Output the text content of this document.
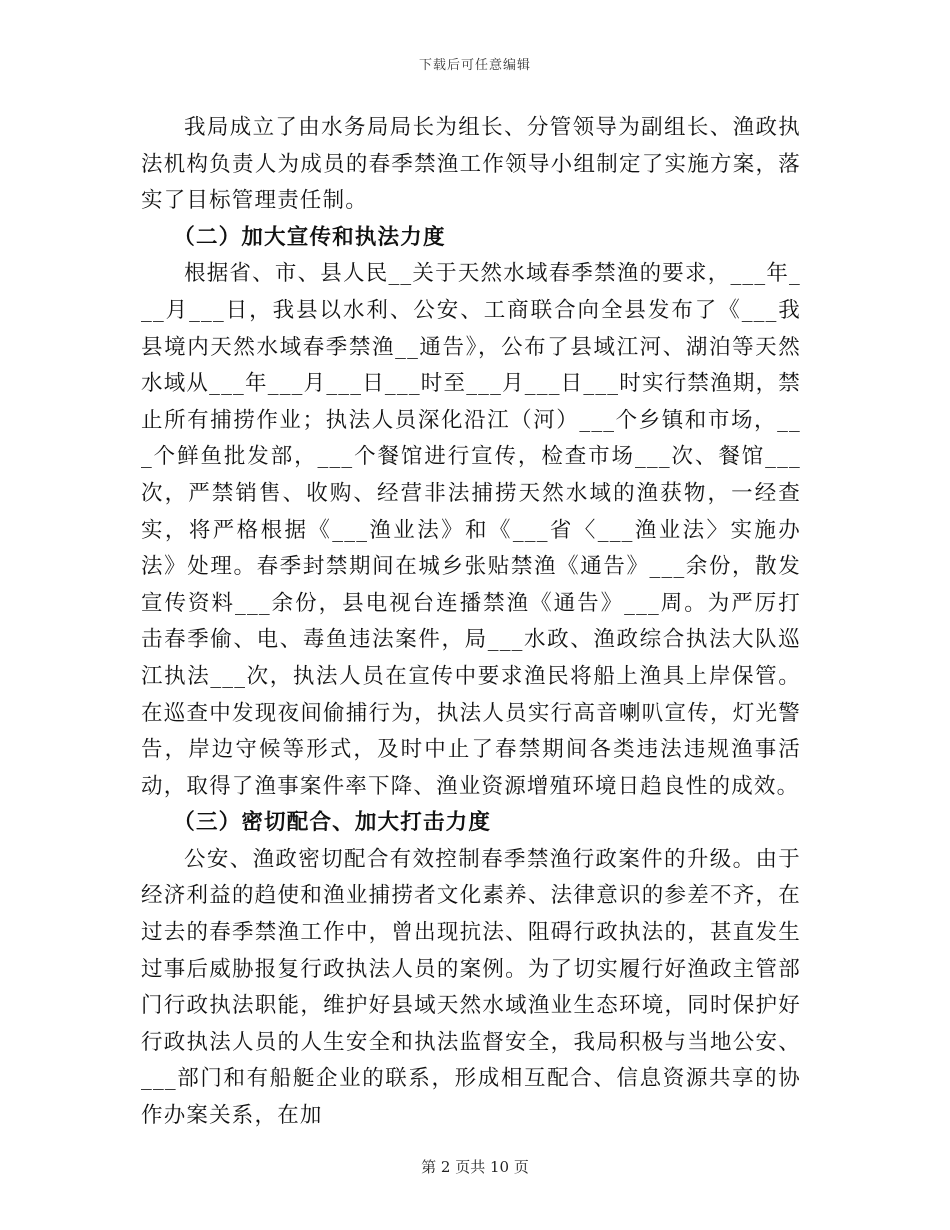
下载后可任意编辑

我局成立了由水务局局长为组长、分管领导为副组长、渔政执法机构负责人为成员的春季禁渔工作领导小组制定了实施方案，落实了目标管理责任制。

（二）加大宣传和执法力度

根据省、市、县人民__关于天然水域春季禁渔的要求，___年___月___日，我县以水利、公安、工商联合向全县发布了《___我县境内天然水域春季禁渔__通告》，公布了县域江河、湖泊等天然水域从___年___月___日___时至___月___日___时实行禁渔期，禁止所有捕捞作业；执法人员深化沿江（河）___个乡镇和市场，___个鲜鱼批发部，___个餐馆进行宣传，检查市场___次、餐馆___次，严禁销售、收购、经营非法捕捞天然水域的渔获物，一经查实，将严格根据《___渔业法》和《___省〈___渔业法〉实施办法》处理。春季封禁期间在城乡张贴禁渔《通告》___余份，散发宣传资料___余份，县电视台连播禁渔《通告》___周。为严厉打击春季偷、电、毒鱼违法案件，局___水政、渔政综合执法大队巡江执法___次，执法人员在宣传中要求渔民将船上渔具上岸保管。在巡查中发现夜间偷捕行为，执法人员实行高音喇叭宣传，灯光警告，岸边守候等形式，及时中止了春禁期间各类违法违规渔事活动，取得了渔事案件率下降、渔业资源增殖环境日趋良性的成效。

（三）密切配合、加大打击力度

公安、渔政密切配合有效控制春季禁渔行政案件的升级。由于经济利益的趋使和渔业捕捞者文化素养、法律意识的参差不齐，在过去的春季禁渔工作中，曾出现抗法、阻碍行政执法的，甚直发生过事后威胁报复行政执法人员的案例。为了切实履行好渔政主管部门行政执法职能，维护好县域天然水域渔业生态环境，同时保护好行政执法人员的人生安全和执法监督安全，我局积极与当地公安、___部门和有船艇企业的联系，形成相互配合、信息资源共享的协作办案关系，在加

第 2 页共 10 页
